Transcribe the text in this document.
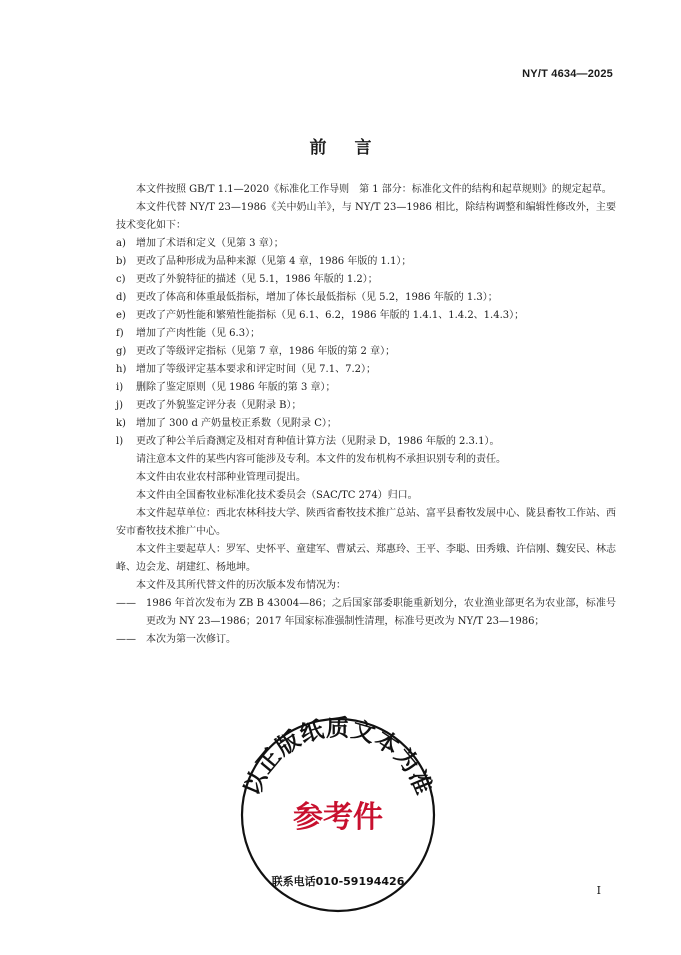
NY/T 4634—2025
前言

本文件按照 GB/T 1.1—2020《标准化工作导则　第 1 部分：标准化文件的结构和起草规则》的规定起草。

本文件代替 NY/T 23—1986《关中奶山羊》，与 NY/T 23—1986 相比，除结构调整和编辑性修改外，主要技术变化如下：

a)	增加了术语和定义（见第 3 章）；
b) 更改了品种形成为品种来源（见第 4 章，1986 年版的 1.1）；
c)	更改了外貌特征的描述（见 5.1，1986 年版的 1.2）；
d) 更改了体高和体重最低指标，增加了体长最低指标（见 5.2，1986 年版的 1.3）；
e)	更改了产奶性能和繁殖性能指标（见 6.1、6.2，1986 年版的 1.4.1、1.4.2、1.4.3）；
f)	增加了产肉性能（见 6.3）；
g) 更改了等级评定指标（见第 7 章，1986 年版的第 2 章）；
h) 增加了等级评定基本要求和评定时间（见 7.1、7.2）；
i)	删除了鉴定原则（见 1986 年版的第 3 章）；
j)	更改了外貌鉴定评分表（见附录 B）；
k)	增加了 300 d 产奶量校正系数（见附录 C）；
l)	更改了种公羊后裔测定及相对育种值计算方法（见附录 D，1986 年版的 2.3.1）。

请注意本文件的某些内容可能涉及专利。本文件的发布机构不承担识别专利的责任。

本文件由农业农村部种业管理司提出。

本文件由全国畜牧业标准化技术委员会（SAC/TC 274）归口。

本文件起草单位：西北农林科技大学、陕西省畜牧技术推广总站、富平县畜牧发展中心、陇县畜牧工作站、西安市畜牧技术推广中心。

本文件主要起草人：罗军、史怀平、童建军、曹斌云、郑惠玲、王平、李聪、田秀娥、许信刚、魏安民、林志峰、边会龙、胡建红、杨地坤。

本文件及其所代替文件的历次版本发布情况为：

——	1986 年首次发布为 ZB B 43004—86；之后国家部委职能重新划分，农业渔业部更名为农业部，标准号更改为 NY 23—1986；2017 年国家标准强制性清理，标准号更改为 NY/T 23—1986；
——	本次为第一次修订。
以正版纸质文本为准
参考件
联系电话010-59194426
I
